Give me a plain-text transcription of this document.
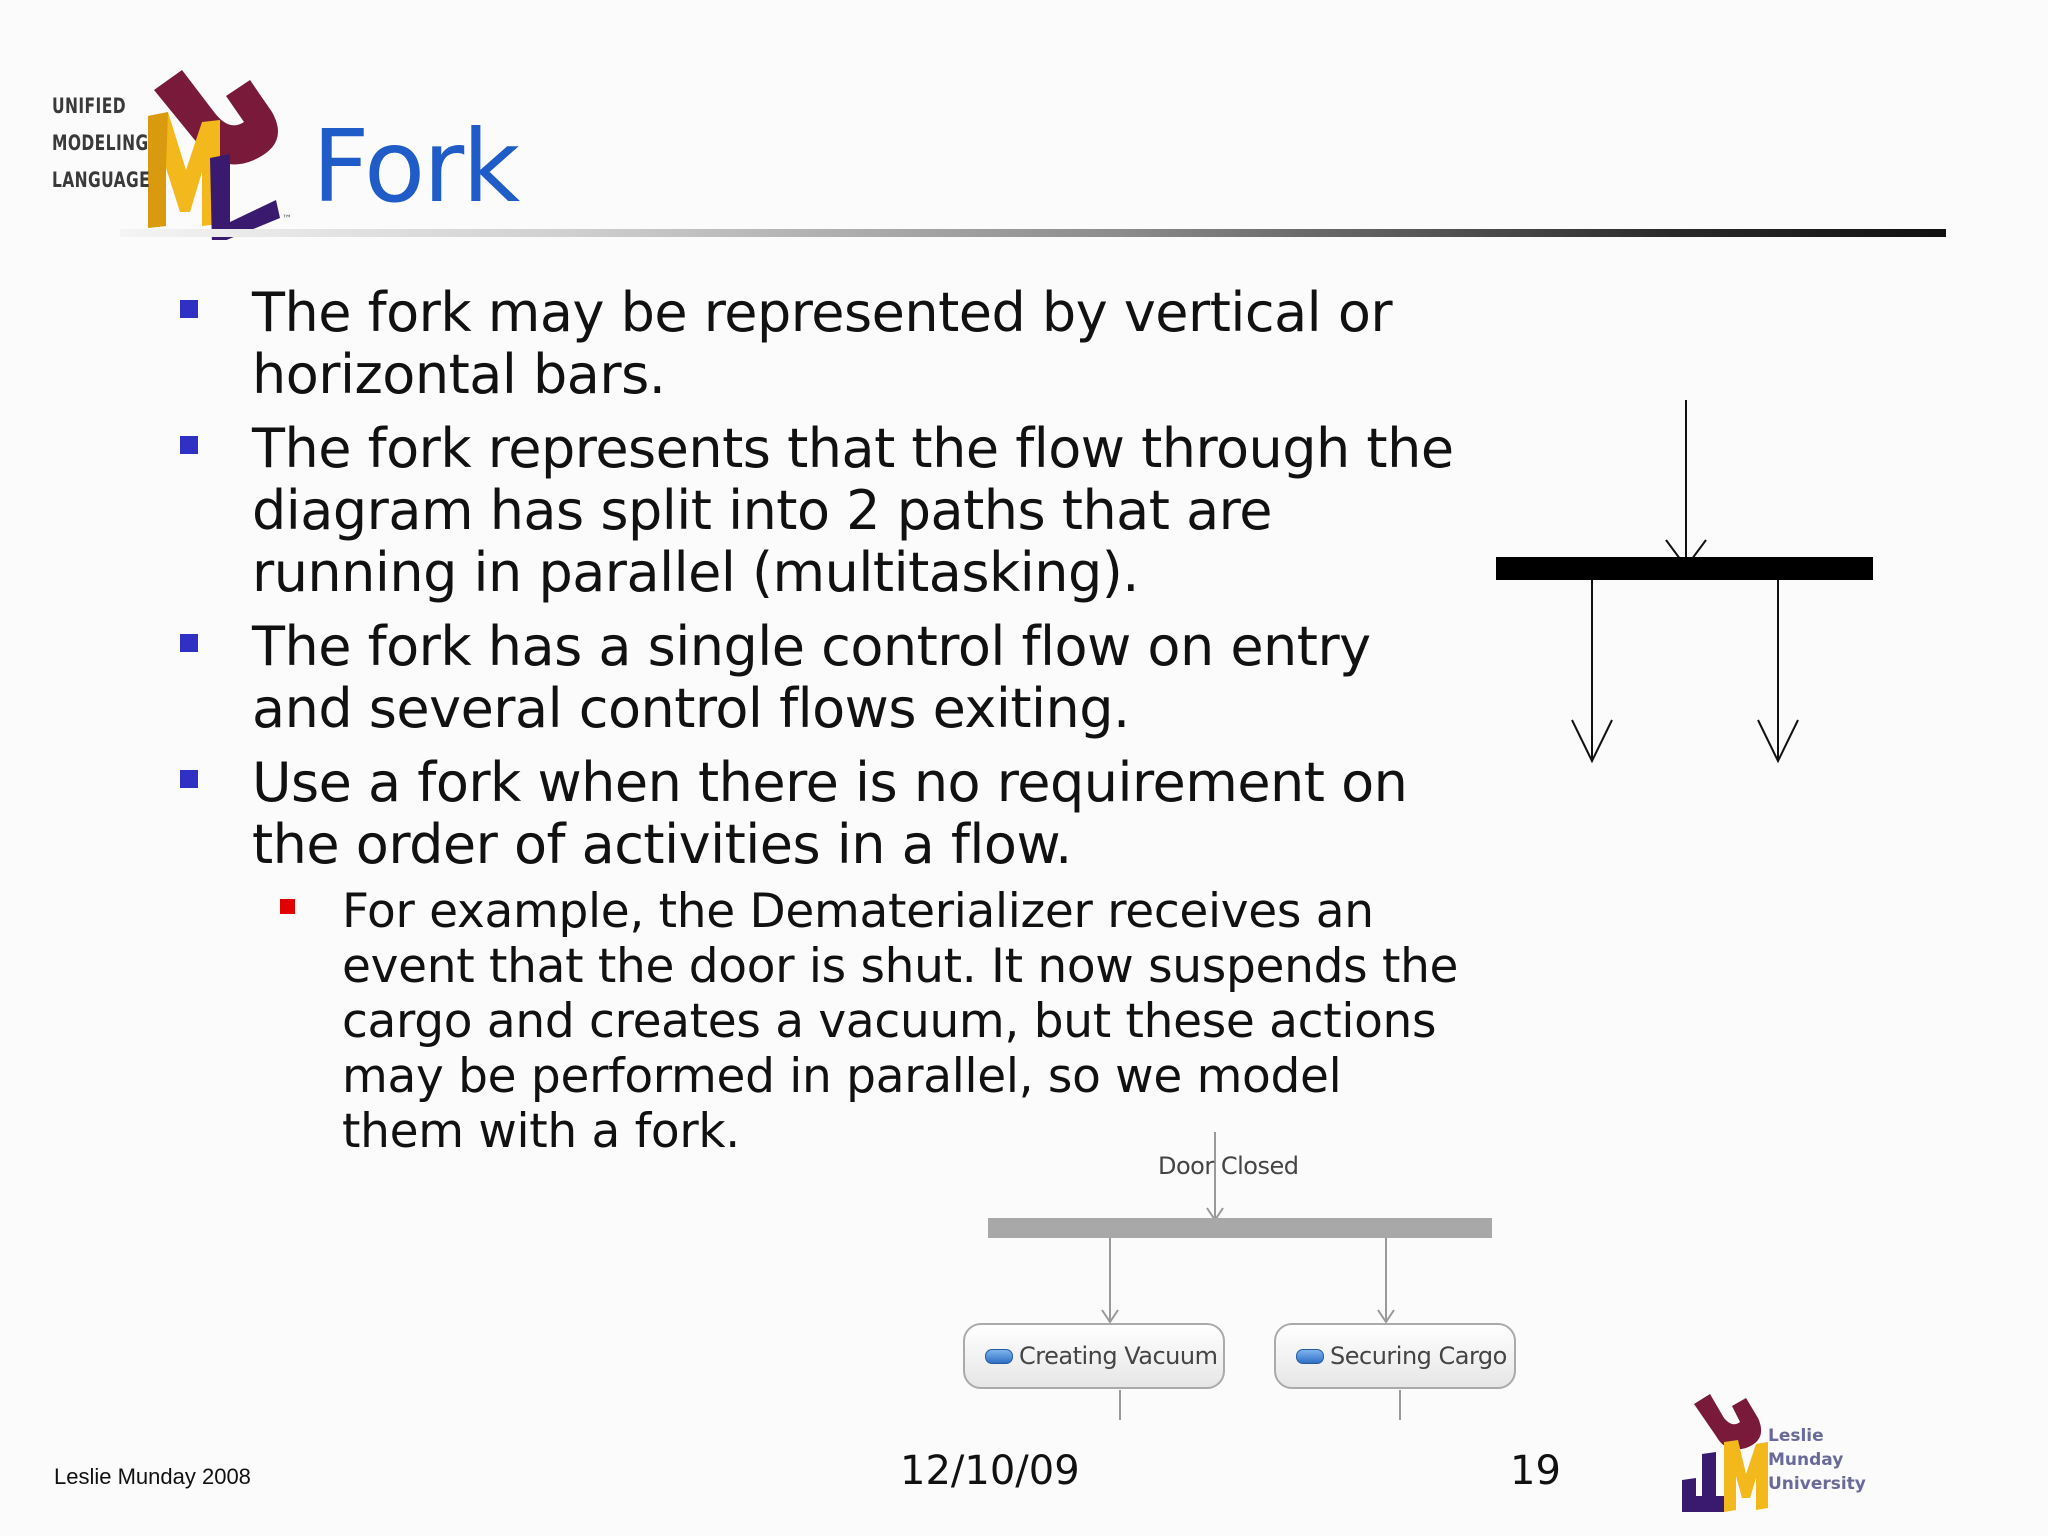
™
UNIFIED
MODELING
LANGUAGE Fork
The fork may be represented by vertical or horizontal bars.
The fork represents that the flow through the diagram has split into 2 paths that are running in parallel (multitasking).
The fork has a single control flow on entry and several control flows exiting.
Use a fork when there is no requirement on the order of activities in a flow.
For example, the Dematerializer receives an event that the door is shut. It now suspends the cargo and creates a vacuum, but these actions may be performed in parallel, so we model them with a fork.
Door Closed
Creating Vacuum	Securing Cargo
Leslie Munday 2008	12/10/09	19
Leslie
Munday
University
